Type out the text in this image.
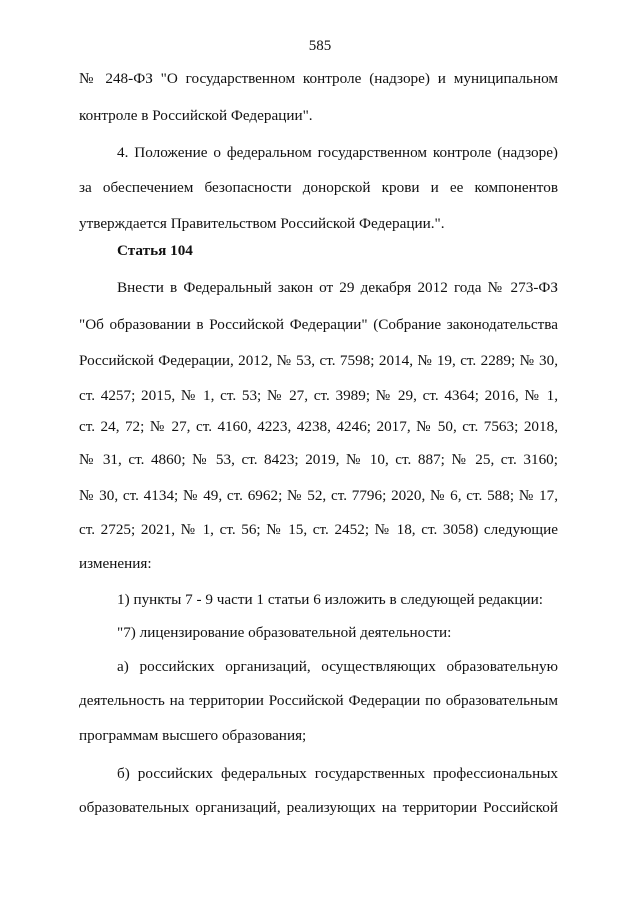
585
№ 248-ФЗ "О государственном контроле (надзоре) и муниципальном
контроле в Российской Федерации".
4. Положение о федеральном государственном контроле (надзоре)
за обеспечением безопасности донорской крови и ее компонентов
утверждается Правительством Российской Федерации.".
Статья 104
Внести в Федеральный закон от 29 декабря 2012 года № 273-ФЗ
"Об образовании в Российской Федерации" (Собрание законодательства
Российской Федерации, 2012, № 53, ст. 7598; 2014, № 19, ст. 2289; № 30,
ст. 4257; 2015, № 1, ст. 53; № 27, ст. 3989; № 29, ст. 4364; 2016, № 1,
ст. 24, 72; № 27, ст. 4160, 4223, 4238, 4246; 2017, № 50, ст. 7563; 2018,
№ 31, ст. 4860; № 53, ст. 8423; 2019, № 10, ст. 887; № 25, ст. 3160;
№ 30, ст. 4134; № 49, ст. 6962; № 52, ст. 7796; 2020, № 6, ст. 588; № 17,
ст. 2725; 2021, № 1, ст. 56; № 15, ст. 2452; № 18, ст. 3058) следующие
изменения:
1) пункты 7 - 9 части 1 статьи 6 изложить в следующей редакции:
"7) лицензирование образовательной деятельности:
а) российских организаций, осуществляющих образовательную
деятельность на территории Российской Федерации по образовательным
программам высшего образования;
б) российских федеральных государственных профессиональных
образовательных организаций, реализующих на территории Российской
